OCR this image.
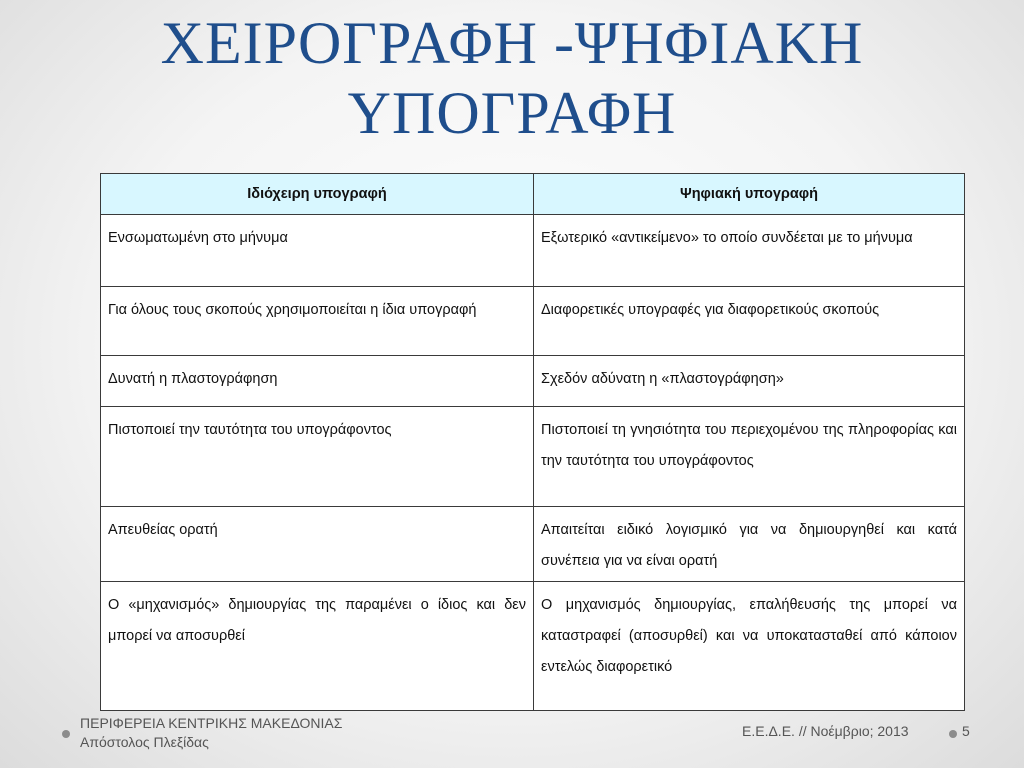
ΧΕΙΡΟΓΡΑΦΗ -ΨΗΦΙΑΚΗ
ΥΠΟΓΡΑΦΗ
Ιδιόχειρη υπογραφή	Ψηφιακή υπογραφή
Ενσωματωμένη στο μήνυμα	Εξωτερικό «αντικείμενο» το οποίο συνδέεται με το μήνυμα
Για όλους τους σκοπούς χρησιμοποιείται η ίδια υπογραφή	Διαφορετικές υπογραφές για διαφορετικούς σκοπούς
Δυνατή η πλαστογράφηση	Σχεδόν αδύνατη η «πλαστογράφηση»
Πιστοποιεί την ταυτότητα του υπογράφοντος	Πιστοποιεί τη γνησιότητα του περιεχομένου της πληροφορίας και την ταυτότητα του υπογράφοντος
Απευθείας ορατή	Απαιτείται ειδικό λογισμικό για να δημιουργηθεί και κατά συνέπεια για να είναι ορατή
Ο «μηχανισμός» δημιουργίας της παραμένει ο ίδιος και δεν μπορεί να αποσυρθεί	Ο μηχανισμός δημιουργίας, επαλήθευσής της μπορεί να καταστραφεί (αποσυρθεί) και να υποκατασταθεί από κάποιον εντελώς διαφορετικό
ΠΕΡΙΦΕΡΕΙΑ ΚΕΝΤΡΙΚΗΣ ΜΑΚΕΔΟΝΙΑΣ
Απόστολος Πλεξίδας
Ε.Ε.Δ.Ε. // Νοέμβριο; 2013	5
